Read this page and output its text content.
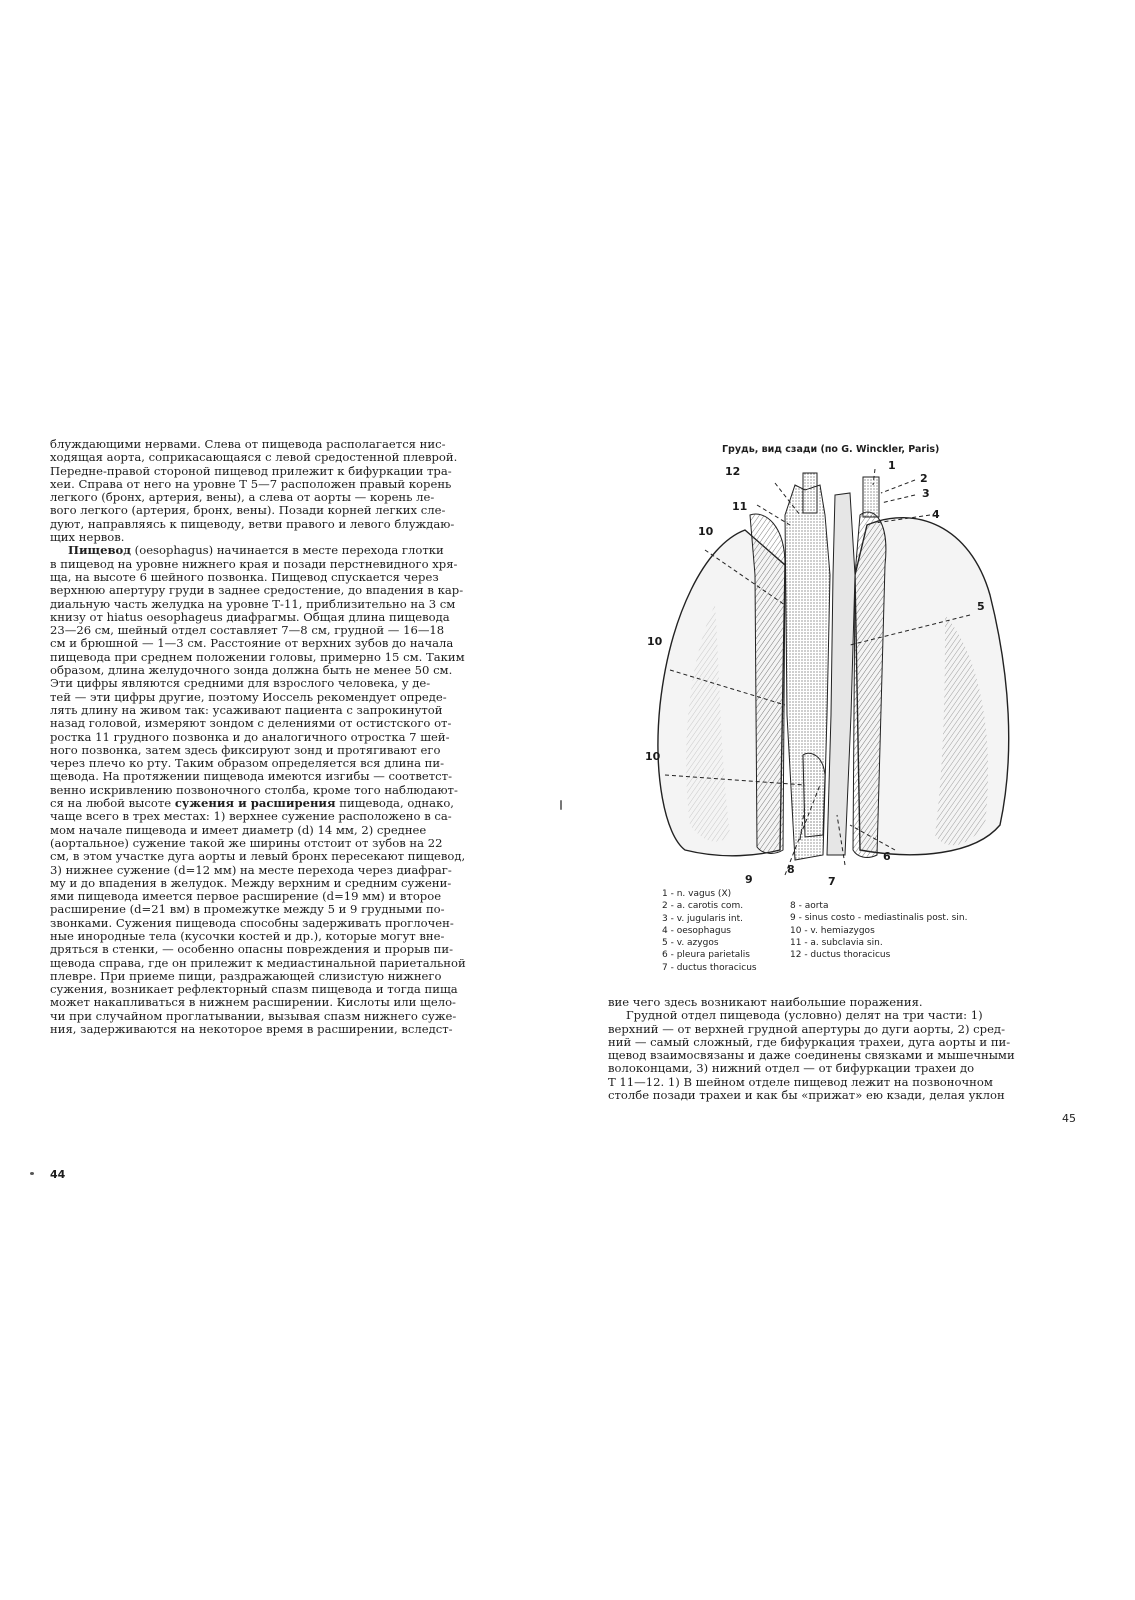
блуждающими нервами. Слева от пищевода располагается нис-

ходящая аорта, соприкасающаяся с левой средостенной плеврой.

Передне-правой стороной пищевод прилежит к бифуркации тра-

хеи. Справа от него на уровне Т 5—7 расположен правый корень

легкого (бронх, артерия, вены), а слева от аорты — корень ле-

вого легкого (артерия, бронх, вены). Позади корней легких сле-

дуют, направляясь к пищеводу, ветви правого и левого блуждаю-

щих нервов.

Пищевод (oesophagus) начинается в месте перехода глотки

в пищевод на уровне нижнего края и позади перстневидного хря-

ща, на высоте 6 шейного позвонка. Пищевод спускается через

верхнюю апертуру груди в заднее средостение, до впадения в кар-

диальную часть желудка на уровне Т-11, приблизительно на 3 см

книзу от hiatus oesophageus диафрагмы. Общая длина пищевода

23—26 см, шейный отдел составляет 7—8 см, грудной — 16—18

см и брюшной — 1—3 см. Расстояние от верхних зубов до начала

пищевода при среднем положении головы, примерно 15 см. Таким

образом, длина желудочного зонда должна быть не менее 50 см.

Эти цифры являются средними для взрослого человека, у де-

тей — эти цифры другие, поэтому Иоссель рекомендует опреде-

лять длину на живом так: усаживают пациента с запрокинутой

назад головой, измеряют зондом с делениями от остистского от-

ростка 11 грудного позвонка и до аналогичного отростка 7 шей-

ного позвонка, затем здесь фиксируют зонд и протягивают его

через плечо ко рту. Таким образом определяется вся длина пи-

щевода. На протяжении пищевода имеются изгибы — соответст-

венно искривлению позвоночного столба, кроме того наблюдают-

ся на любой высоте сужения и расширения пищевода, однако,

чаще всего в трех местах: 1) верхнее сужение расположено в са-

мом начале пищевода и имеет диаметр (d) 14 мм, 2) среднее

(аортальное) сужение такой же ширины отстоит от зубов на 22

см, в этом участке дуга аорты и левый бронх пересекают пищевод,

3) нижнее сужение (d=12 мм) на месте перехода через диафраг-

му и до впадения в желудок. Между верхним и средним сужени-

ями пищевода имеется первое расширение (d=19 мм) и второе

расширение (d=21 вм) в промежутке между 5 и 9 грудными по-

звонками. Сужения пищевода способны задерживать проглочен-

ные инородные тела (кусочки костей и др.), которые могут вне-

дряться в стенки, — особенно опасны повреждения и прорыв пи-

щевода справа, где он прилежит к медиастинальной париетальной

плевре. При приеме пищи, раздражающей слизистую нижнего

сужения, возникает рефлекторный спазм пищевода и тогда пища

может накапливаться в нижнем расширении. Кислоты или щело-

чи при случайном проглатывании, вызывая спазм нижнего суже-

ния, задерживаются на некоторое время в расширении, вследст-

44
Грудь, вид сзади (по G. Winckler, Paris)
1
2
3
4
5
6
7
8
12
11
10
10
10
9
1 - n. vagus (X)
2 - a. carotis com.
3 - v. jugularis int.
4 - oesophagus
5 - v. azygos
6 - pleura parietalis
7 - ductus thoracicus
8 - aorta
9 - sinus costo - mediastinalis post. sin.
10 - v. hemiazygos
11 - a. subclavia sin.
12 - ductus thoracicus

вие чего здесь возникают наибольшие поражения.

Грудной отдел пищевода (условно) делят на три части: 1)

верхний — от верхней грудной апертуры до дуги аорты, 2) сред-

ний — самый сложный, где бифуркация трахеи, дуга аорты и пи-

щевод взаимосвязаны и даже соединены связками и мышечными

волоконцами, 3) нижний отдел — от бифуркации трахеи до

Т 11—12. 1) В шейном отделе пищевод лежит на позвоночном

столбе позади трахеи и как бы «прижат» ею кзади, делая уклон

45
